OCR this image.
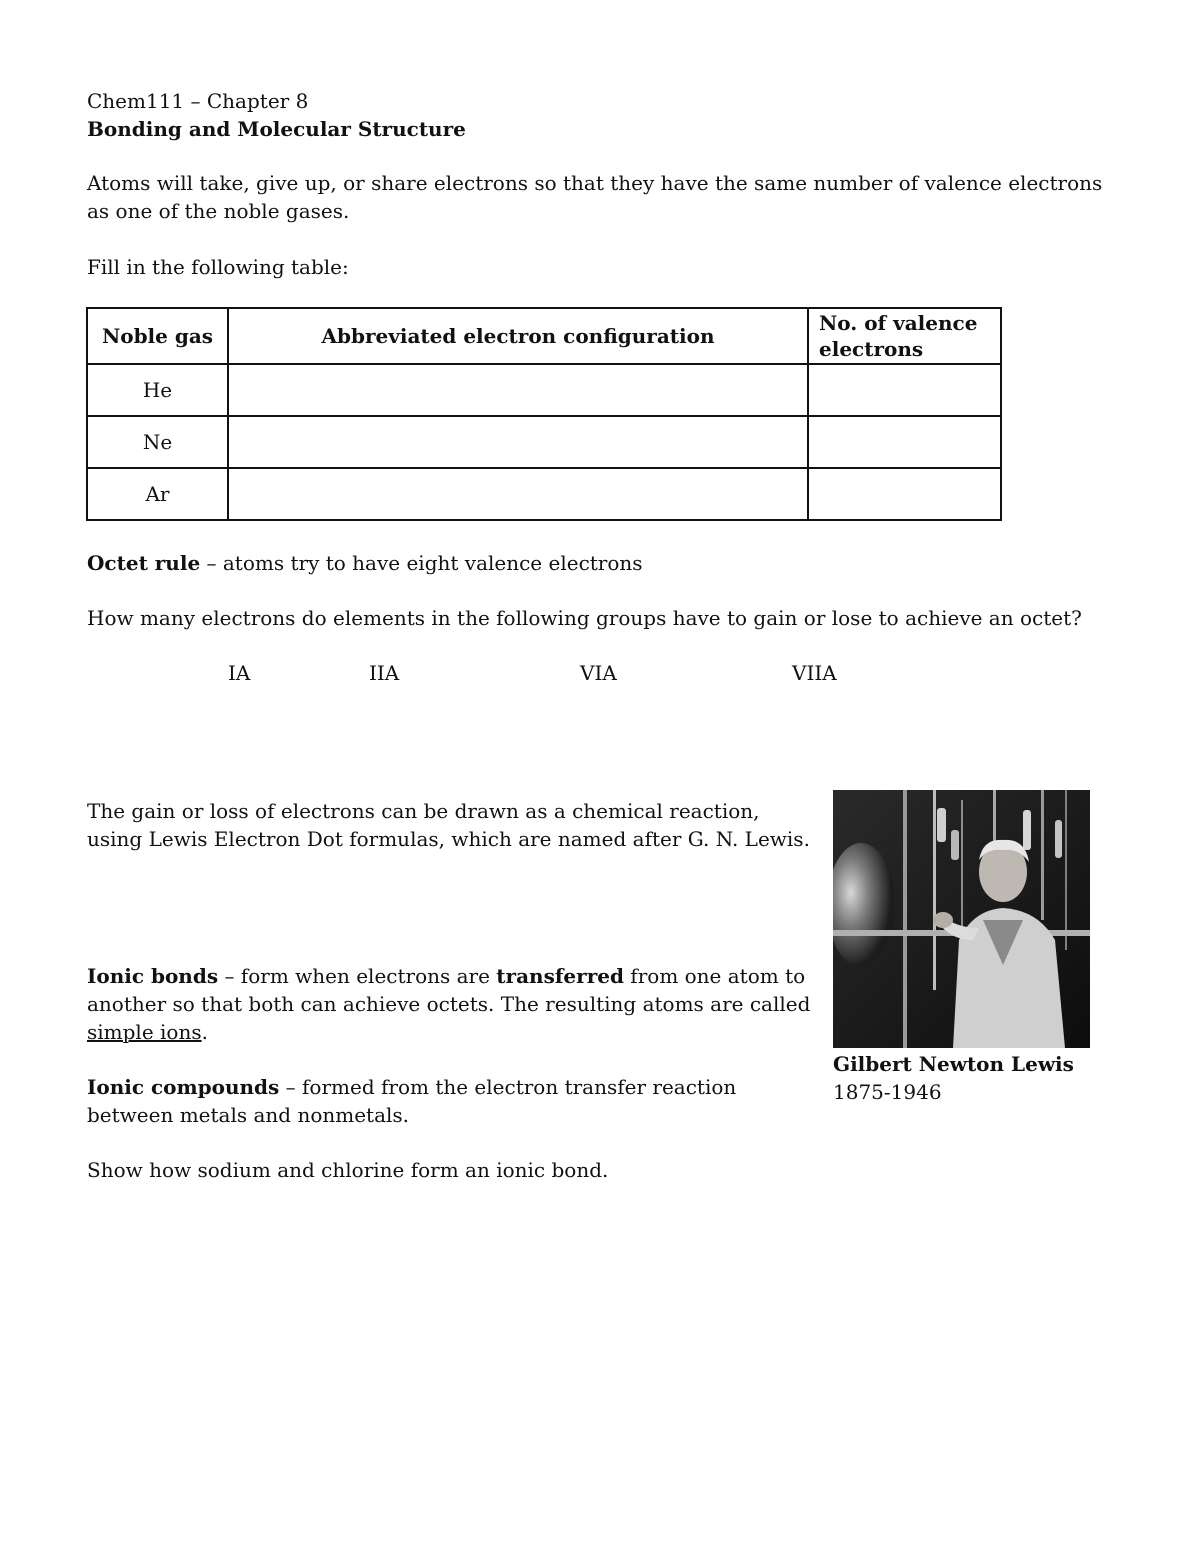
Chem111 – Chapter 8
Bonding and Molecular Structure
Atoms will take, give up, or share electrons so that they have the same number of valence electrons as one of the noble gases.
Fill in the following table:
Noble gas	Abbreviated electron configuration	No. of valence electrons
He		
Ne		
Ar		
Octet rule – atoms try to have eight valence electrons
How many electrons do elements in the following groups have to gain or lose to achieve an octet?
IA	IIA	VIA	VIIA
The gain or loss of electrons can be drawn as a chemical reaction, using Lewis Electron Dot formulas, which are named after G. N. Lewis.
Ionic bonds – form when electrons are transferred from one atom to another so that both can achieve octets. The resulting atoms are called simple ions.
Ionic compounds – formed from the electron transfer reaction between metals and nonmetals.
Show how sodium and chlorine form an ionic bond.
Gilbert Newton Lewis
1875-1946
